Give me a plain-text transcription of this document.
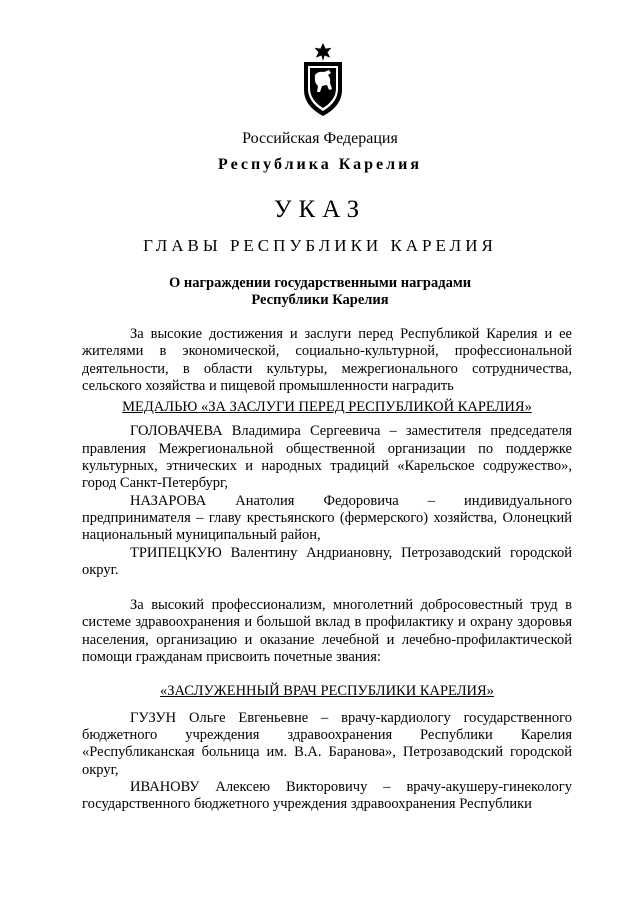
Российская Федерация
Республика Карелия
УКАЗ
ГЛАВЫ РЕСПУБЛИКИ КАРЕЛИЯ
О награждении государственными наградами
Республики Карелия

За высокие достижения и заслуги перед Республикой Карелия и ее жителями в экономической, социально-культурной, профессиональной деятельности, в области культуры, межрегионального сотрудничества, сельского хозяйства и пищевой промышленности наградить

МЕДАЛЬЮ «ЗА ЗАСЛУГИ ПЕРЕД РЕСПУБЛИКОЙ КАРЕЛИЯ»

ГОЛОВАЧЕВА Владимира Сергеевича – заместителя председателя правления Межрегиональной общественной организации по поддержке культурных, этнических и народных традиций «Карельское содружество», город Санкт-Петербург,

НАЗАРОВА Анатолия Федоровича – индивидуального предпринимателя – главу крестьянского (фермерского) хозяйства, Олонецкий национальный муниципальный район,

ТРИПЕЦКУЮ Валентину Андриановну, Петрозаводский городской округ.

За высокий профессионализм, многолетний добросовестный труд в системе здравоохранения и большой вклад в профилактику и охрану здоровья населения, организацию и оказание лечебной и лечебно-профилактической помощи гражданам присвоить почетные звания:

«ЗАСЛУЖЕННЫЙ ВРАЧ РЕСПУБЛИКИ КАРЕЛИЯ»

ГУЗУН Ольге Евгеньевне – врачу-кардиологу государственного бюджетного учреждения здравоохранения Республики Карелия «Республиканская больница им. В.А. Баранова», Петрозаводский городской округ,

ИВАНОВУ Алексею Викторовичу – врачу-акушеру-гинекологу государственного бюджетного учреждения здравоохранения Республики
